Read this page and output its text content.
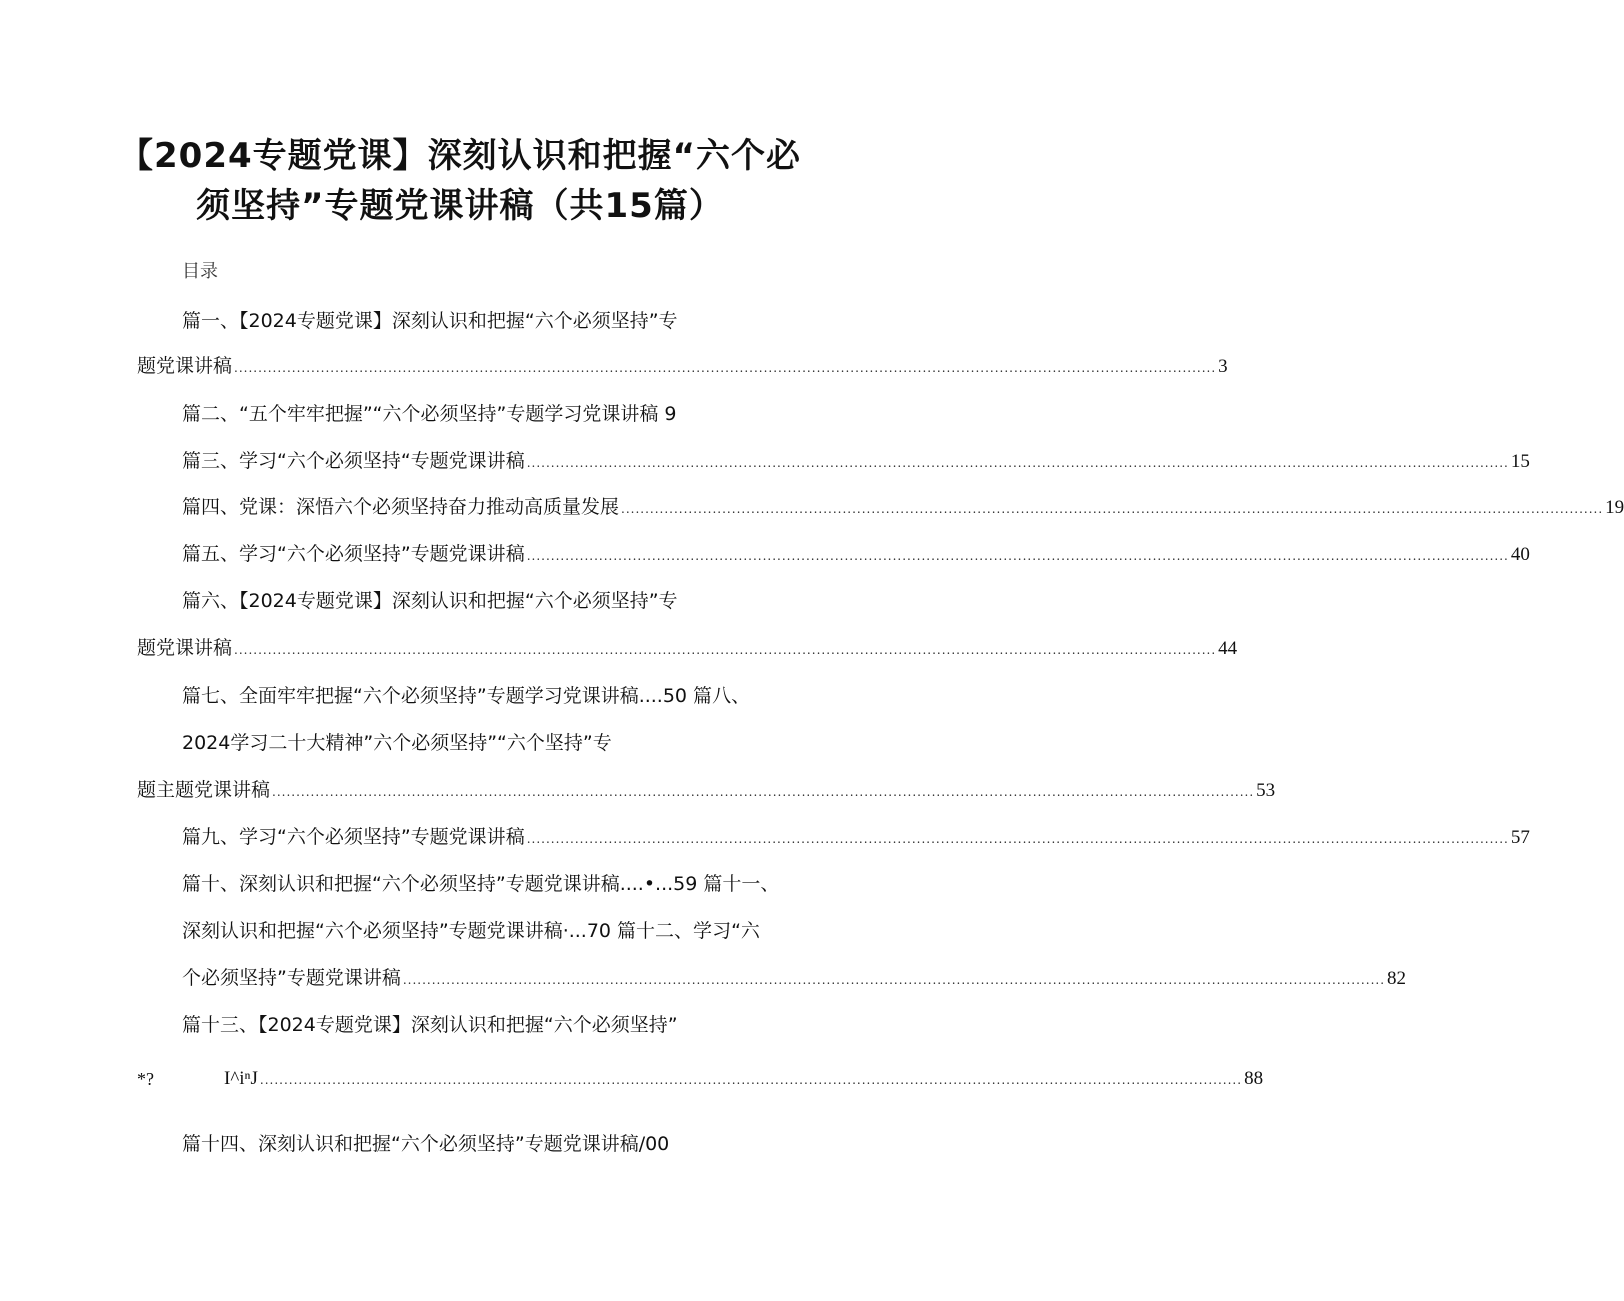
【2024专题党课】深刻认识和把握“六个必
须坚持”专题党课讲稿（共15篇）
目录
篇一、【2024专题党课】深刻认识和把握“六个必须坚持”专
题党课讲稿 ............................................................................................................................................................................................................ 3
篇二、“五个牢牢把握”“六个必须坚持”专题学习党课讲稿 9
篇三、学习“六个必须坚持“专题党课讲稿 ............................................................................................................................................................................................................ 15
篇四、党课：深悟六个必须坚持奋力推动高质量发展 ............................................................................................................................................................................................................ 19
篇五、学习“六个必须坚持”专题党课讲稿 ............................................................................................................................................................................................................ 40
篇六、【2024专题党课】深刻认识和把握“六个必须坚持”专
题党课讲稿 ............................................................................................................................................................................................................ 44
篇七、全面牢牢把握“六个必须坚持”专题学习党课讲稿....50 篇八、
2024学习二十大精神”六个必须坚持”“六个坚持”专
题主题党课讲稿 ............................................................................................................................................................................................................ 53
篇九、学习“六个必须坚持”专题党课讲稿 ............................................................................................................................................................................................................ 57
篇十、深刻认识和把握“六个必须坚持”专题党课讲稿....•...59 篇十一、
深刻认识和把握“六个必须坚持”专题党课讲稿·...70 篇十二、学习“六
个必须坚持”专题党课讲稿 ............................................................................................................................................................................................................ 82
篇十三、【2024专题党课】深刻认识和把握“六个必须坚持”
*?	I^iⁿJ ............................................................................................................................................................................................................ 88
篇十四、深刻认识和把握“六个必须坚持”专题党课讲稿/00
